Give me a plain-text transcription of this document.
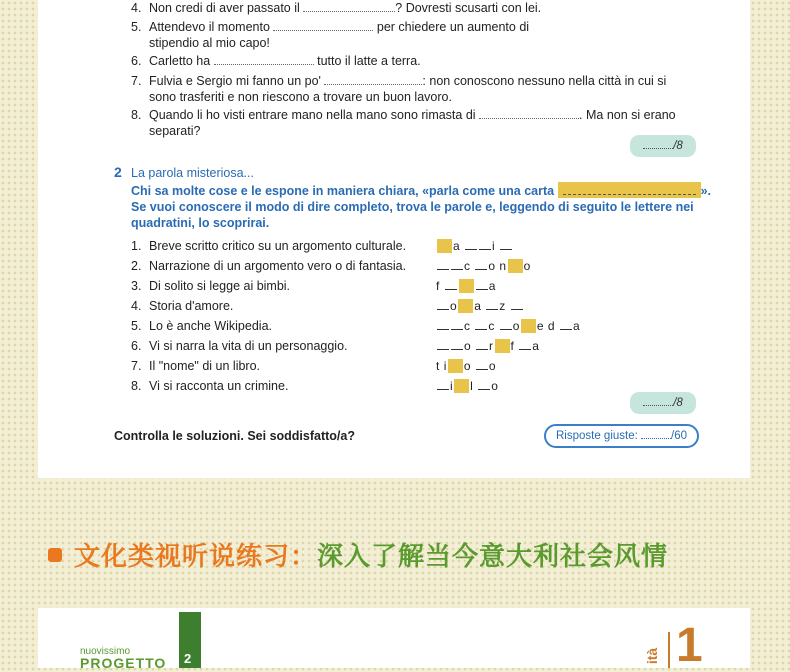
4. Non credi di aver passato il	? Dovresti scusarti con lei.
5. Attendevo il momento	per chiedere un aumento di
stipendio al mio capo!
6. Carletto ha	tutto il latte a terra.
7. Fulvia e Sergio mi fanno un po'	: non conoscono nessuno nella città in cui si
sono trasferiti e non riescono a trovare un buon lavoro.
8. Quando li ho visti entrare mano nella mano sono rimasta di	. Ma non si erano
separati?
/8
2 La parola misteriosa...
Chi sa molte cose e le espone in maniera chiara, «parla come una carta	».
Se vuoi conoscere il modo di dire completo, trova le parole e, leggendo di seguito le lettere nei
quadratini, lo scoprirai.
1. Breve scritto critico su un argomento culturale.	a	i
2. Narrazione di un argomento vero o di fantasia.	c o n o
3. Di solito si legge ai bimbi.	f	a
4. Storia d'amore.	o a z
5. Lo è anche Wikipedia.	c c o e d a
6. Vi si narra la vita di un personaggio.	o r f a
7. Il "nome" di un libro.	t i o o
8. Vi si racconta un crimine.	i l o
/8
Controlla le soluzioni. Sei soddisfatto/a?	Risposte giuste:	/60
文化类视听说练习：深入了解当今意大利社会风情
nuovissimo
PROGETTO 2	ità 1
